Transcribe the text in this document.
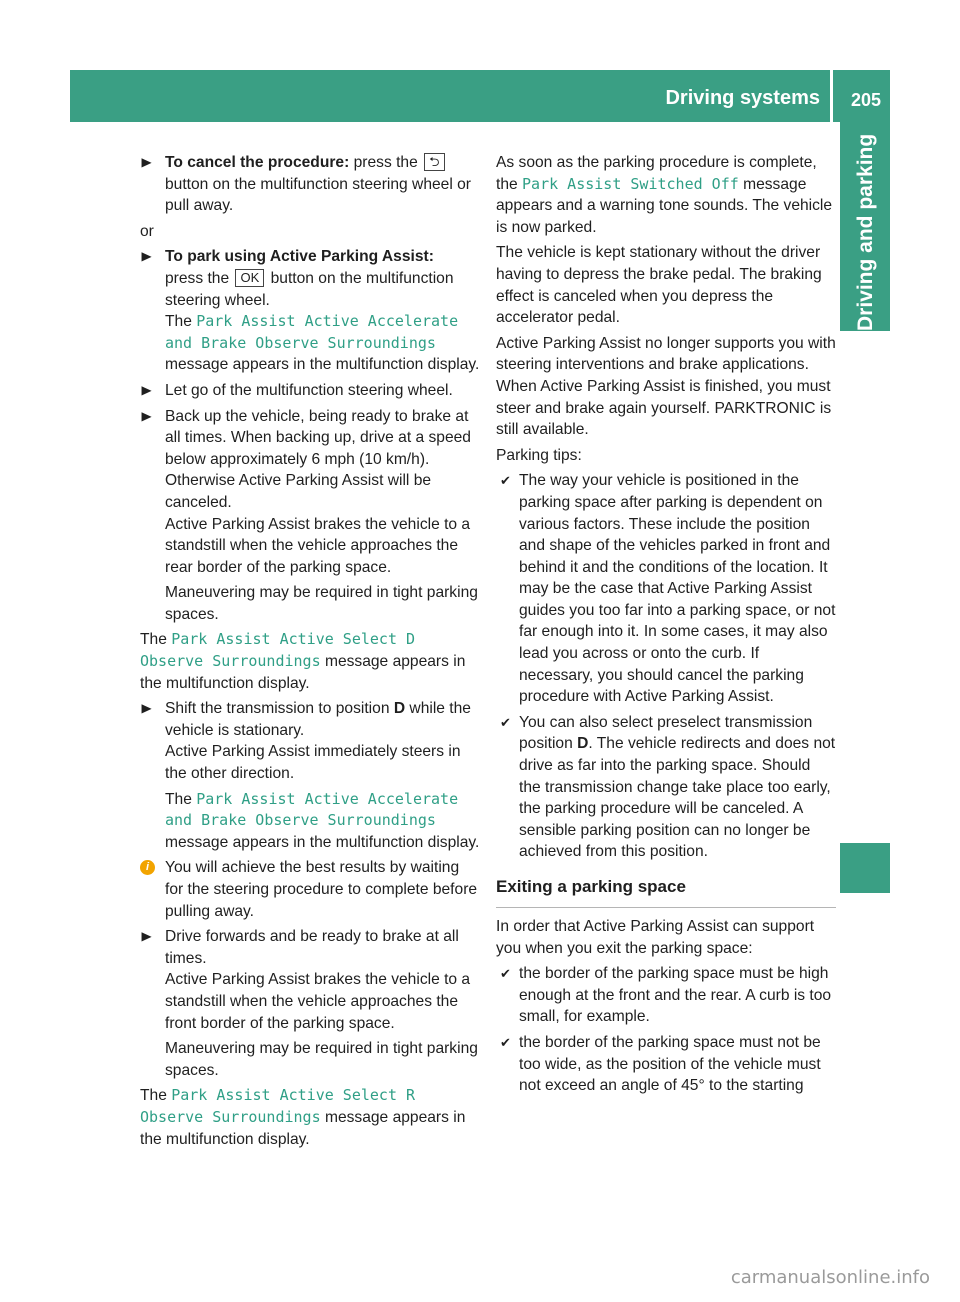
Driving systems 205
Driving and parking
▶ To cancel the procedure: press the ⮌ button on the multifunction steering wheel or pull away.

or

▶ To park using Active Parking Assist:
press the OK button on the multifunction steering wheel.
The Park Assist Active Accelerate and Brake Observe Surroundings message appears in the multifunction display.
▶ Let go of the multifunction steering wheel.
▶ Back up the vehicle, being ready to brake at all times. When backing up, drive at a speed below approximately 6 mph (10 km/h).
Otherwise Active Parking Assist will be canceled.
Active Parking Assist brakes the vehicle to a standstill when the vehicle approaches the rear border of the parking space.

Maneuvering may be required in tight parking spaces.

The Park Assist Active Select D Observe Surroundings message appears in the multifunction display.

▶ Shift the transmission to position D while the vehicle is stationary.
Active Parking Assist immediately steers in the other direction.

The Park Assist Active Accelerate and Brake Observe Surroundings message appears in the multifunction display.

i	You will achieve the best results by waiting for the steering procedure to complete before pulling away.
▶ Drive forwards and be ready to brake at all times.
Active Parking Assist brakes the vehicle to a standstill when the vehicle approaches the front border of the parking space.

Maneuvering may be required in tight parking spaces.

The Park Assist Active Select R Observe Surroundings message appears in the multifunction display.

As soon as the parking procedure is complete, the Park Assist Switched Off message appears and a warning tone sounds. The vehicle is now parked.

The vehicle is kept stationary without the driver having to depress the brake pedal. The braking effect is canceled when you depress the accelerator pedal.

Active Parking Assist no longer supports you with steering interventions and brake applications. When Active Parking Assist is finished, you must steer and brake again yourself. PARKTRONIC is still available.

Parking tips:

✔ The way your vehicle is positioned in the parking space after parking is dependent on various factors. These include the position and shape of the vehicles parked in front and behind it and the conditions of the location. It may be the case that Active Parking Assist guides you too far into a parking space, or not far enough into it. In some cases, it may also lead you across or onto the curb. If necessary, you should cancel the parking procedure with Active Parking Assist.
✔ You can also select preselect transmission position D. The vehicle redirects and does not drive as far into the parking space. Should the transmission change take place too early, the parking procedure will be canceled. A sensible parking position can no longer be achieved from this position.
Exiting a parking space

In order that Active Parking Assist can support you when you exit the parking space:

✔ the border of the parking space must be high enough at the front and the rear. A curb is too small, for example.
✔ the border of the parking space must not be too wide, as the position of the vehicle must not exceed an angle of 45° to the starting
carmanualsonline.info
